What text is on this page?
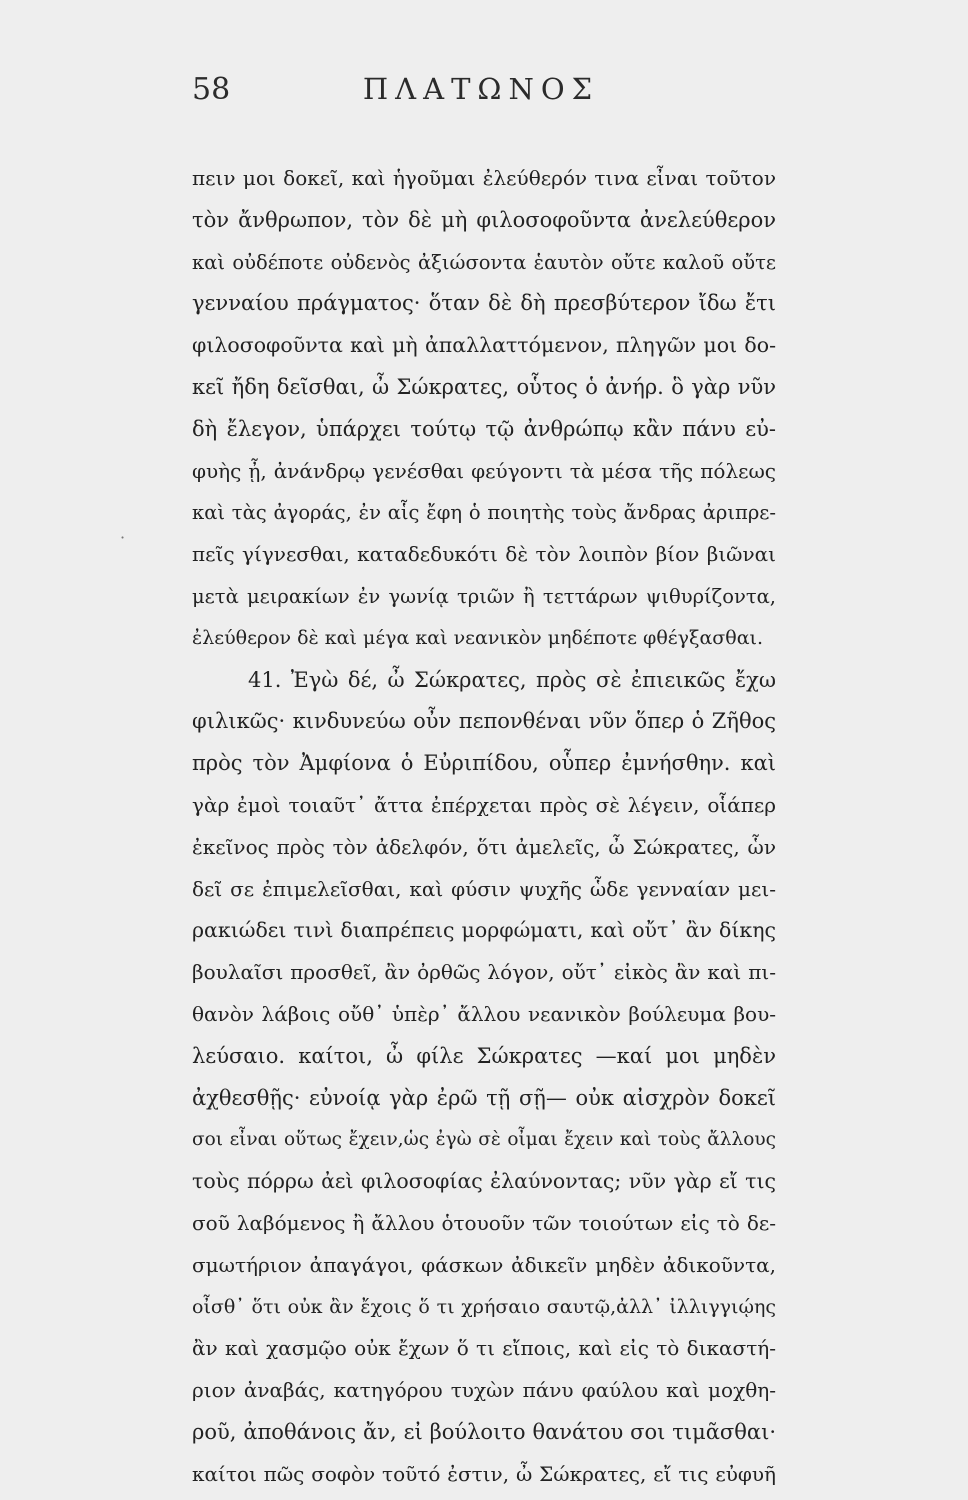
58	ΠΛΑΤΩΝΟΣ
·
πειν μοι δοκεῖ, καὶ ἡγοῦμαι ἐλεύθερόν τινα εἶναι τοῦτον
τὸν ἄνθρωπον, τὸν δὲ μὴ φιλοσοφοῦντα ἀνελεύθερον
καὶ οὐδέποτε οὐδενὸς ἀξιώσοντα ἑαυτὸν οὔτε καλοῦ οὔτε
γενναίου πράγματος· ὅταν δὲ δὴ πρεσβύτερον ἴδω ἔτι
φιλοσοφοῦντα καὶ μὴ ἀπαλλαττόμενον, πληγῶν μοι δο-
κεῖ ἤδη δεῖσθαι, ὦ Σώκρατες, οὗτος ὁ ἀνήρ. ὃ γὰρ νῦν
δὴ ἔλεγον, ὑπάρχει τούτῳ τῷ ἀνθρώπῳ κἂν πάνυ εὐ-
φυὴς ᾖ, ἀνάνδρῳ γενέσθαι φεύγοντι τὰ μέσα τῆς πόλεως
καὶ τὰς ἀγοράς, ἐν αἷς ἔφη ὁ ποιητὴς τοὺς ἄνδρας ἀριπρε-
πεῖς γίγνεσθαι, καταδεδυκότι δὲ τὸν λοιπὸν βίον βιῶναι
μετὰ μειρακίων ἐν γωνίᾳ τριῶν ἢ τεττάρων ψιθυρίζοντα,
ἐλεύθερον δὲ καὶ μέγα καὶ νεανικὸν μηδέποτε φθέγξασθαι.
41. Ἐγὼ δέ, ὦ Σώκρατες, πρὸς σὲ ἐπιεικῶς ἔχω
φιλικῶς· κινδυνεύω οὖν πεπονθέναι νῦν ὅπερ ὁ Ζῆθος
πρὸς τὸν Ἀμφίονα ὁ Εὐριπίδου, οὗπερ ἐμνήσθην. καὶ
γὰρ ἐμοὶ τοιαῦτ᾽ ἄττα ἐπέρχεται πρὸς σὲ λέγειν, οἷάπερ
ἐκεῖνος πρὸς τὸν ἀδελφόν, ὅτι ἀμελεῖς, ὦ Σώκρατες, ὧν
δεῖ σε ἐπιμελεῖσθαι, καὶ φύσιν ψυχῆς ὧδε γενναίαν μει-
ρακιώδει τινὶ διαπρέπεις μορφώματι, καὶ οὔτ᾽ ἂν δίκης
βουλαῖσι προσθεῖ, ἂν ὀρθῶς λόγον, οὔτ᾽ εἰκὸς ἂν καὶ πι-
θανὸν λάβοις οὔθ᾽ ὑπὲρ᾽ ἄλλου νεανικὸν βούλευμα βου-
λεύσαιο. καίτοι, ὦ φίλε Σώκρατες —καί μοι μηδὲν
ἀχθεσθῇς· εὐνοίᾳ γὰρ ἐρῶ τῇ σῇ— οὐκ αἰσχρὸν δοκεῖ
σοι εἶναι οὕτως ἔχειν,ὡς ἐγὼ σὲ οἶμαι ἔχειν καὶ τοὺς ἄλλους
τοὺς πόρρω ἀεὶ φιλοσοφίας ἐλαύνοντας; νῦν γὰρ εἴ τις
σοῦ λαβόμενος ἢ ἄλλου ὁτουοῦν τῶν τοιούτων εἰς τὸ δε-
σμωτήριον ἀπαγάγοι, φάσκων ἀδικεῖν μηδὲν ἀδικοῦντα,
οἶσθ᾽ ὅτι οὐκ ἂν ἔχοις ὅ τι χρήσαιο σαυτῷ,ἀλλ᾽ ἰλλιγγιῴης
ἂν καὶ χασμῷο οὐκ ἔχων ὅ τι εἴποις, καὶ εἰς τὸ δικαστή-
ριον ἀναβάς, κατηγόρου τυχὼν πάνυ φαύλου καὶ μοχθη-
ροῦ, ἀποθάνοις ἄν, εἰ βούλοιτο θανάτου σοι τιμᾶσθαι·
καίτοι πῶς σοφὸν τοῦτό ἐστιν, ὦ Σώκρατες, εἴ τις εὐφυῆ
